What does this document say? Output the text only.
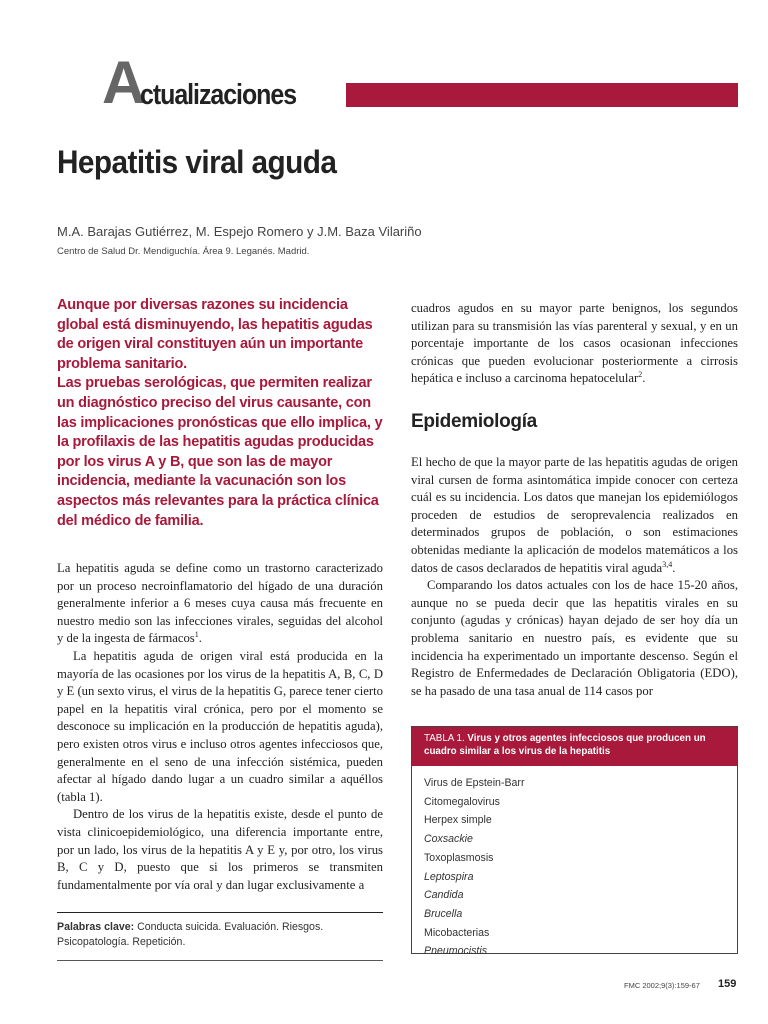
A
ctualizaciones
Hepatitis viral aguda
M.A. Barajas Gutiérrez, M. Espejo Romero y J.M. Baza Vilariño
Centro de Salud Dr. Mendiguchía. Área 9. Leganés. Madrid.

Aunque por diversas razones su incidencia global está disminuyendo, las hepatitis agudas de origen viral constituyen aún un importante problema sanitario.

Las pruebas serológicas, que permiten realizar un diagnóstico preciso del virus causante, con las implicaciones pronósticas que ello implica, y la profilaxis de las hepatitis agudas producidas por los virus A y B, que son las de mayor incidencia, mediante la vacunación son los aspectos más relevantes para la práctica clínica del médico de familia.

La hepatitis aguda se define como un trastorno caracterizado por un proceso necroinflamatorio del hígado de una duración generalmente inferior a 6 meses cuya causa más frecuente en nuestro medio son las infecciones virales, seguidas del alcohol y de la ingesta de fármacos$^1$.

La hepatitis aguda de origen viral está producida en la mayoría de las ocasiones por los virus de la hepatitis A, B, C, D y E (un sexto virus, el virus de la hepatitis G, parece tener cierto papel en la hepatitis viral crónica, pero por el momento se desconoce su implicación en la producción de hepatitis aguda), pero existen otros virus e incluso otros agentes infecciosos que, generalmente en el seno de una infección sistémica, pueden afectar al hígado dando lugar a un cuadro similar a aquéllos (tabla 1).

Dentro de los virus de la hepatitis existe, desde el punto de vista clinicoepidemiológico, una diferencia importante entre, por un lado, los virus de la hepatitis A y E y, por otro, los virus B, C y D, puesto que si los primeros se transmiten fundamentalmente por vía oral y dan lugar exclusivamente a

cuadros agudos en su mayor parte benignos, los segundos utilizan para su transmisión las vías parenteral y sexual, y en un porcentaje importante de los casos ocasionan infecciones crónicas que pueden evolucionar posteriormente a cirrosis hepática e incluso a carcinoma hepatocelular$^2$.

Epidemiología

El hecho de que la mayor parte de las hepatitis agudas de origen viral cursen de forma asintomática impide conocer con certeza cuál es su incidencia. Los datos que manejan los epidemiólogos proceden de estudios de seroprevalencia realizados en determinados grupos de población, o son estimaciones obtenidas mediante la aplicación de modelos matemáticos a los datos de casos declarados de hepatitis viral aguda$^{3,4}$.

Comparando los datos actuales con los de hace 15-20 años, aunque no se pueda decir que las hepatitis virales en su conjunto (agudas y crónicas) hayan dejado de ser hoy día un problema sanitario en nuestro país, es evidente que su incidencia ha experimentado un importante descenso. Según el Registro de Enfermedades de Declaración Obligatoria (EDO), se ha pasado de una tasa anual de 114 casos por

Palabras clave: Conducta suicida. Evaluación. Riesgos. Psicopatología. Repetición.
TABLA 1. Virus y otros agentes infecciosos que producen un cuadro similar a los virus de la hepatitis
Virus de Epstein-Barr
Citomegalovirus
Herpex simple
Coxsackie
Toxoplasmosis
Leptospira
Candida
Brucella
Micobacterias
Pneumocistis
FMC 2002;9(3):159-67 159
